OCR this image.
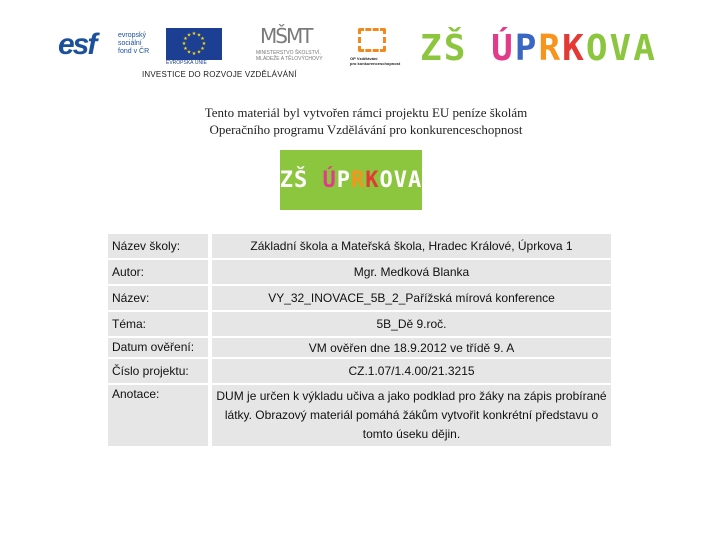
esf	evropský
sociální
fond v ČR
★ ★
★
★
★
★
★
★
★
★
★
★
EVROPSKÁ UNIE
MŠMT
MINISTERSTVO ŠKOLSTVÍ,
MLÁDEŽE A TĚLOVÝCHOVY	OP Vzdělávání
pro konkurenceschopnost
INVESTICE DO ROZVOJE VZDĚLÁVÁNÍ
ZŠ ÚPRKOVA
Tento materiál byl vytvořen rámci projektu EU peníze školám
Operačního programu Vzdělávání pro konkurenceschopnost
ZŠ ÚPRKOVA
Název školy:	Základní škola a Mateřská škola, Hradec Králové, Úprkova 1
Autor:	Mgr. Medková Blanka
Název:	VY_32_INOVACE_5B_2_Pařížská mírová konference
Téma:	5B_Dě 9.roč.
Datum ověření:	VM ověřen dne 18.9.2012 ve třídě 9. A
Číslo projektu:	CZ.1.07/1.4.00/21.3215
Anotace:	DUM je určen k výkladu učiva a jako podklad pro žáky na zápis probírané látky. Obrazový materiál pomáhá žákům vytvořit konkrétní představu o tomto úseku dějin.
